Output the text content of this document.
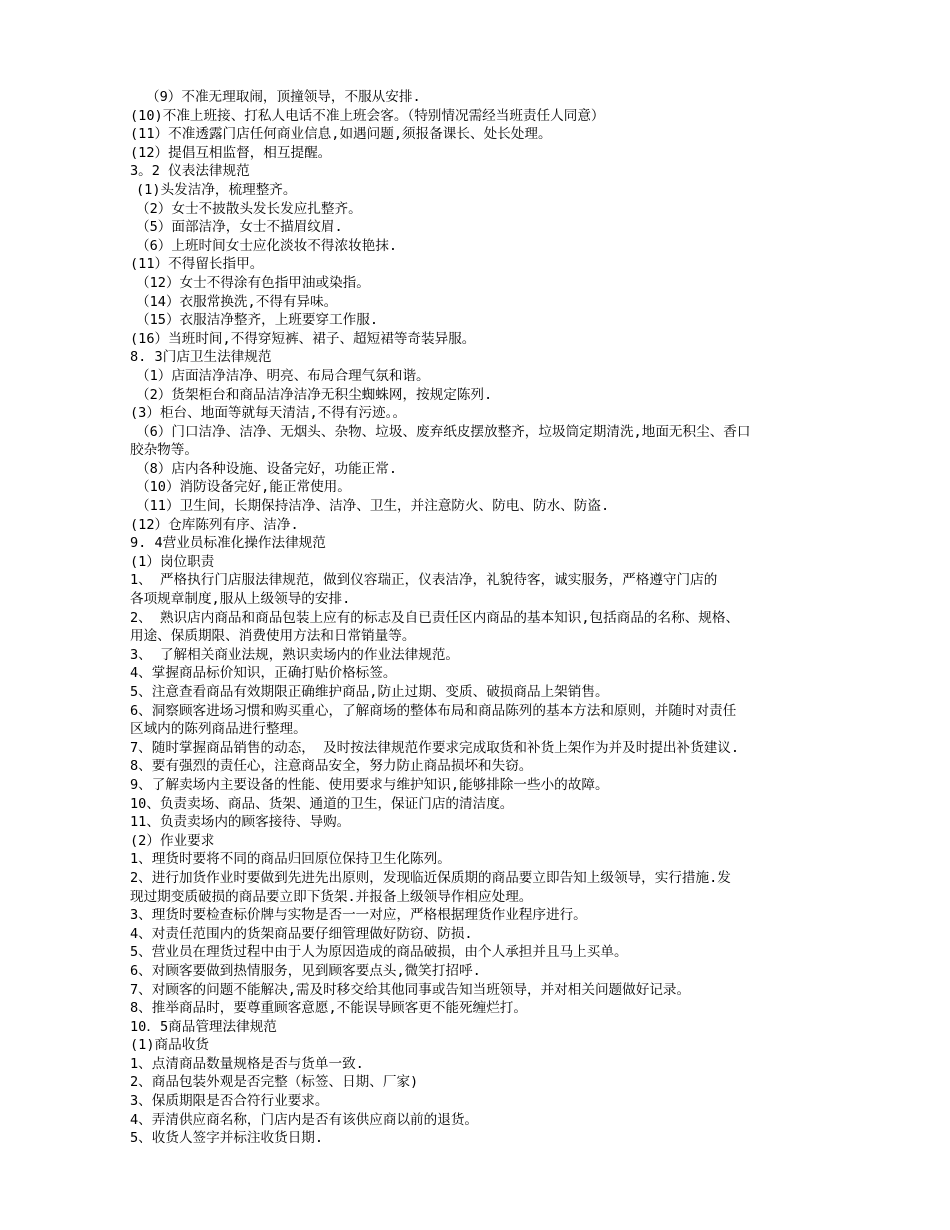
（9）不准无理取闹，顶撞领导，不服从安排.
(10)不准上班接、打私人电话不准上班会客。（特别情况需经当班责任人同意）
(11）不准透露门店任何商业信息,如遇问题,须报备课长、处长处理。
(12）提倡互相监督，相互提醒。
3。2 仪表法律规范
(1)头发洁净，梳理整齐。
（2）女士不披散头发长发应扎整齐。
（5）面部洁净，女士不描眉纹眉.
（6）上班时间女士应化淡妆不得浓妆艳抹.
(11）不得留长指甲。
（12）女士不得涂有色指甲油或染指。
（14）衣服常换洗,不得有异味。
（15）衣服洁净整齐，上班要穿工作服.
(16）当班时间,不得穿短裤、裙子、超短裙等奇装异服。
8. 3门店卫生法律规范
（1）店面洁净洁净、明亮、布局合理气氛和谐。
（2）货架柜台和商品洁净洁净无积尘蜘蛛网，按规定陈列.
(3）柜台、地面等就每天清洁,不得有污迹。。
（6）门口洁净、洁净、无烟头、杂物、垃圾、废弃纸皮摆放整齐，垃圾筒定期清洗,地面无积尘、香口
胶杂物等。
（8）店内各种设施、设备完好，功能正常.
（10）消防设备完好,能正常使用。
（11）卫生间，长期保持洁净、洁净、卫生，并注意防火、防电、防水、防盗.
(12）仓库陈列有序、洁净.
9. 4营业员标准化操作法律规范
(1）岗位职责
1、 严格执行门店服法律规范，做到仪容瑞正，仪表洁净，礼貌待客，诚实服务，严格遵守门店的
各项规章制度,服从上级领导的安排.
2、 熟识店内商品和商品包装上应有的标志及自已责任区内商品的基本知识,包括商品的名称、规格、
用途、保质期限、消费使用方法和日常销量等。
3、 了解相关商业法规，熟识卖场内的作业法律规范。
4、掌握商品标价知识，正确打贴价格标签。
5、注意查看商品有效期限正确维护商品,防止过期、变质、破损商品上架销售。
6、洞察顾客进场习惯和购买重心，了解商场的整体布局和商品陈列的基本方法和原则，并随时对责任
区域内的陈列商品进行整理。
7、随时掌握商品销售的动态， 及时按法律规范作要求完成取货和补货上架作为并及时提出补货建议.
8、要有强烈的责任心，注意商品安全，努力防止商品损坏和失窃。
9、了解卖场内主要设备的性能、使用要求与维护知识,能够排除一些小的故障。
10、负责卖场、商品、货架、通道的卫生，保证门店的清洁度。
11、负责卖场内的顾客接待、导购。
(2）作业要求
1、理货时要将不同的商品归回原位保持卫生化陈列。
2、进行加货作业时要做到先进先出原则，发现临近保质期的商品要立即告知上级领导，实行措施.发
现过期变质破损的商品要立即下货架.并报备上级领导作相应处理。
3、理货时要检查标价牌与实物是否一一对应，严格根据理货作业程序进行。
4、对责任范围内的货架商品要仔细管理做好防窃、防损.
5、营业员在理货过程中由于人为原因造成的商品破损，由个人承担并且马上买单。
6、对顾客要做到热情服务，见到顾客要点头,微笑打招呼.
7、对顾客的问题不能解决,需及时移交给其他同事或告知当班领导，并对相关问题做好记录。
8、推举商品时，要尊重顾客意愿,不能误导顾客更不能死缠烂打。
10．5商品管理法律规范
(1)商品收货
1、点清商品数量规格是否与货单一致.
2、商品包装外观是否完整（标签、日期、厂家)
3、保质期限是否合符行业要求。
4、弄清供应商名称，门店内是否有该供应商以前的退货。
5、收货人签字并标注收货日期.
